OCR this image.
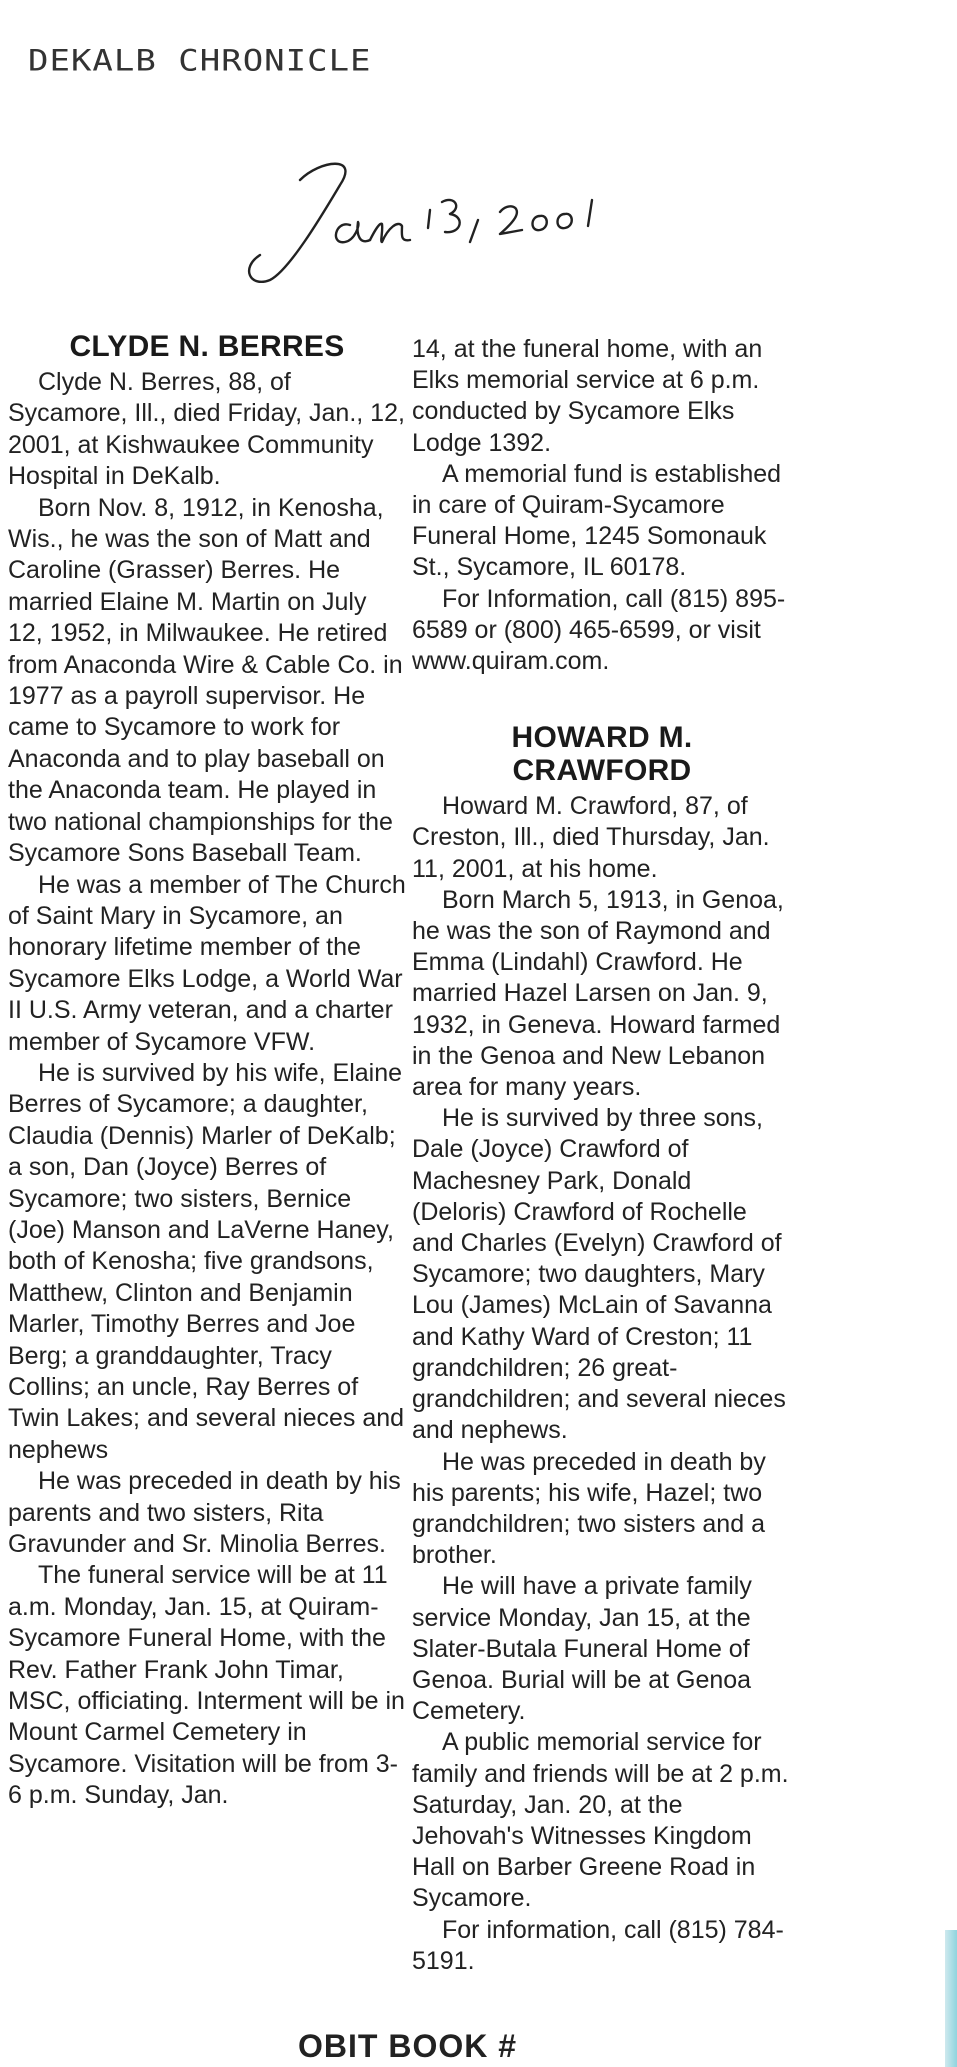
DEKALB CHRONICLE
CLYDE N. BERRES

Clyde N. Berres, 88, of Sycamore, Ill., died Friday, Jan., 12, 2001, at Kishwaukee Community Hospital in DeKalb.

Born Nov. 8, 1912, in Kenosha, Wis., he was the son of Matt and Caroline (Grasser) Berres. He married Elaine M. Martin on July 12, 1952, in Milwaukee. He retired from Anaconda Wire & Cable Co. in 1977 as a payroll supervisor. He came to Sycamore to work for Anaconda and to play baseball on the Anaconda team. He played in two national championships for the Sycamore Sons Baseball Team.

He was a member of The Church of Saint Mary in Sycamore, an honorary lifetime member of the Sycamore Elks Lodge, a World War II U.S. Army veteran, and a charter member of Sycamore VFW.

He is survived by his wife, Elaine Berres of Sycamore; a daughter, Claudia (Dennis) Marler of DeKalb; a son, Dan (Joyce) Berres of Sycamore; two sisters, Bernice (Joe) Manson and LaVerne Haney, both of Kenosha; five grandsons, Matthew, Clinton and Benjamin Marler, Timothy Berres and Joe Berg; a granddaughter, Tracy Collins; an uncle, Ray Berres of Twin Lakes; and several nieces and nephews

He was preceded in death by his parents and two sisters, Rita Gravunder and Sr. Minolia Berres.

The funeral service will be at 11 a.m. Monday, Jan. 15, at Quiram-Sycamore Funeral Home, with the Rev. Father Frank John Timar, MSC, officiating. Interment will be in Mount Carmel Cemetery in Sycamore. Visitation will be from 3-6 p.m. Sunday, Jan.

14, at the funeral home, with an Elks memorial service at 6 p.m. conducted by Sycamore Elks Lodge 1392.

A memorial fund is established in care of Quiram-Sycamore Funeral Home, 1245 Somonauk St., Sycamore, IL 60178.

For Information, call (815) 895-6589 or (800) 465-6599, or visit www.quiram.com.

HOWARD M.
CRAWFORD

Howard M. Crawford, 87, of Creston, Ill., died Thursday, Jan. 11, 2001, at his home.

Born March 5, 1913, in Genoa, he was the son of Raymond and Emma (Lindahl) Crawford. He married Hazel Larsen on Jan. 9, 1932, in Geneva. Howard farmed in the Genoa and New Lebanon area for many years.

He is survived by three sons, Dale (Joyce) Crawford of Machesney Park, Donald (Deloris) Crawford of Rochelle and Charles (Evelyn) Crawford of Sycamore; two daughters, Mary Lou (James) McLain of Savanna and Kathy Ward of Creston; 11 grandchildren; 26 great-grandchildren; and several nieces and nephews.

He was preceded in death by his parents; his wife, Hazel; two grandchildren; two sisters and a brother.

He will have a private family service Monday, Jan 15, at the Slater-Butala Funeral Home of Genoa. Burial will be at Genoa Cemetery.

A public memorial service for family and friends will be at 2 p.m. Saturday, Jan. 20, at the Jehovah's Witnesses Kingdom Hall on Barber Greene Road in Sycamore.

For information, call (815) 784-5191.

OBIT BOOK #
